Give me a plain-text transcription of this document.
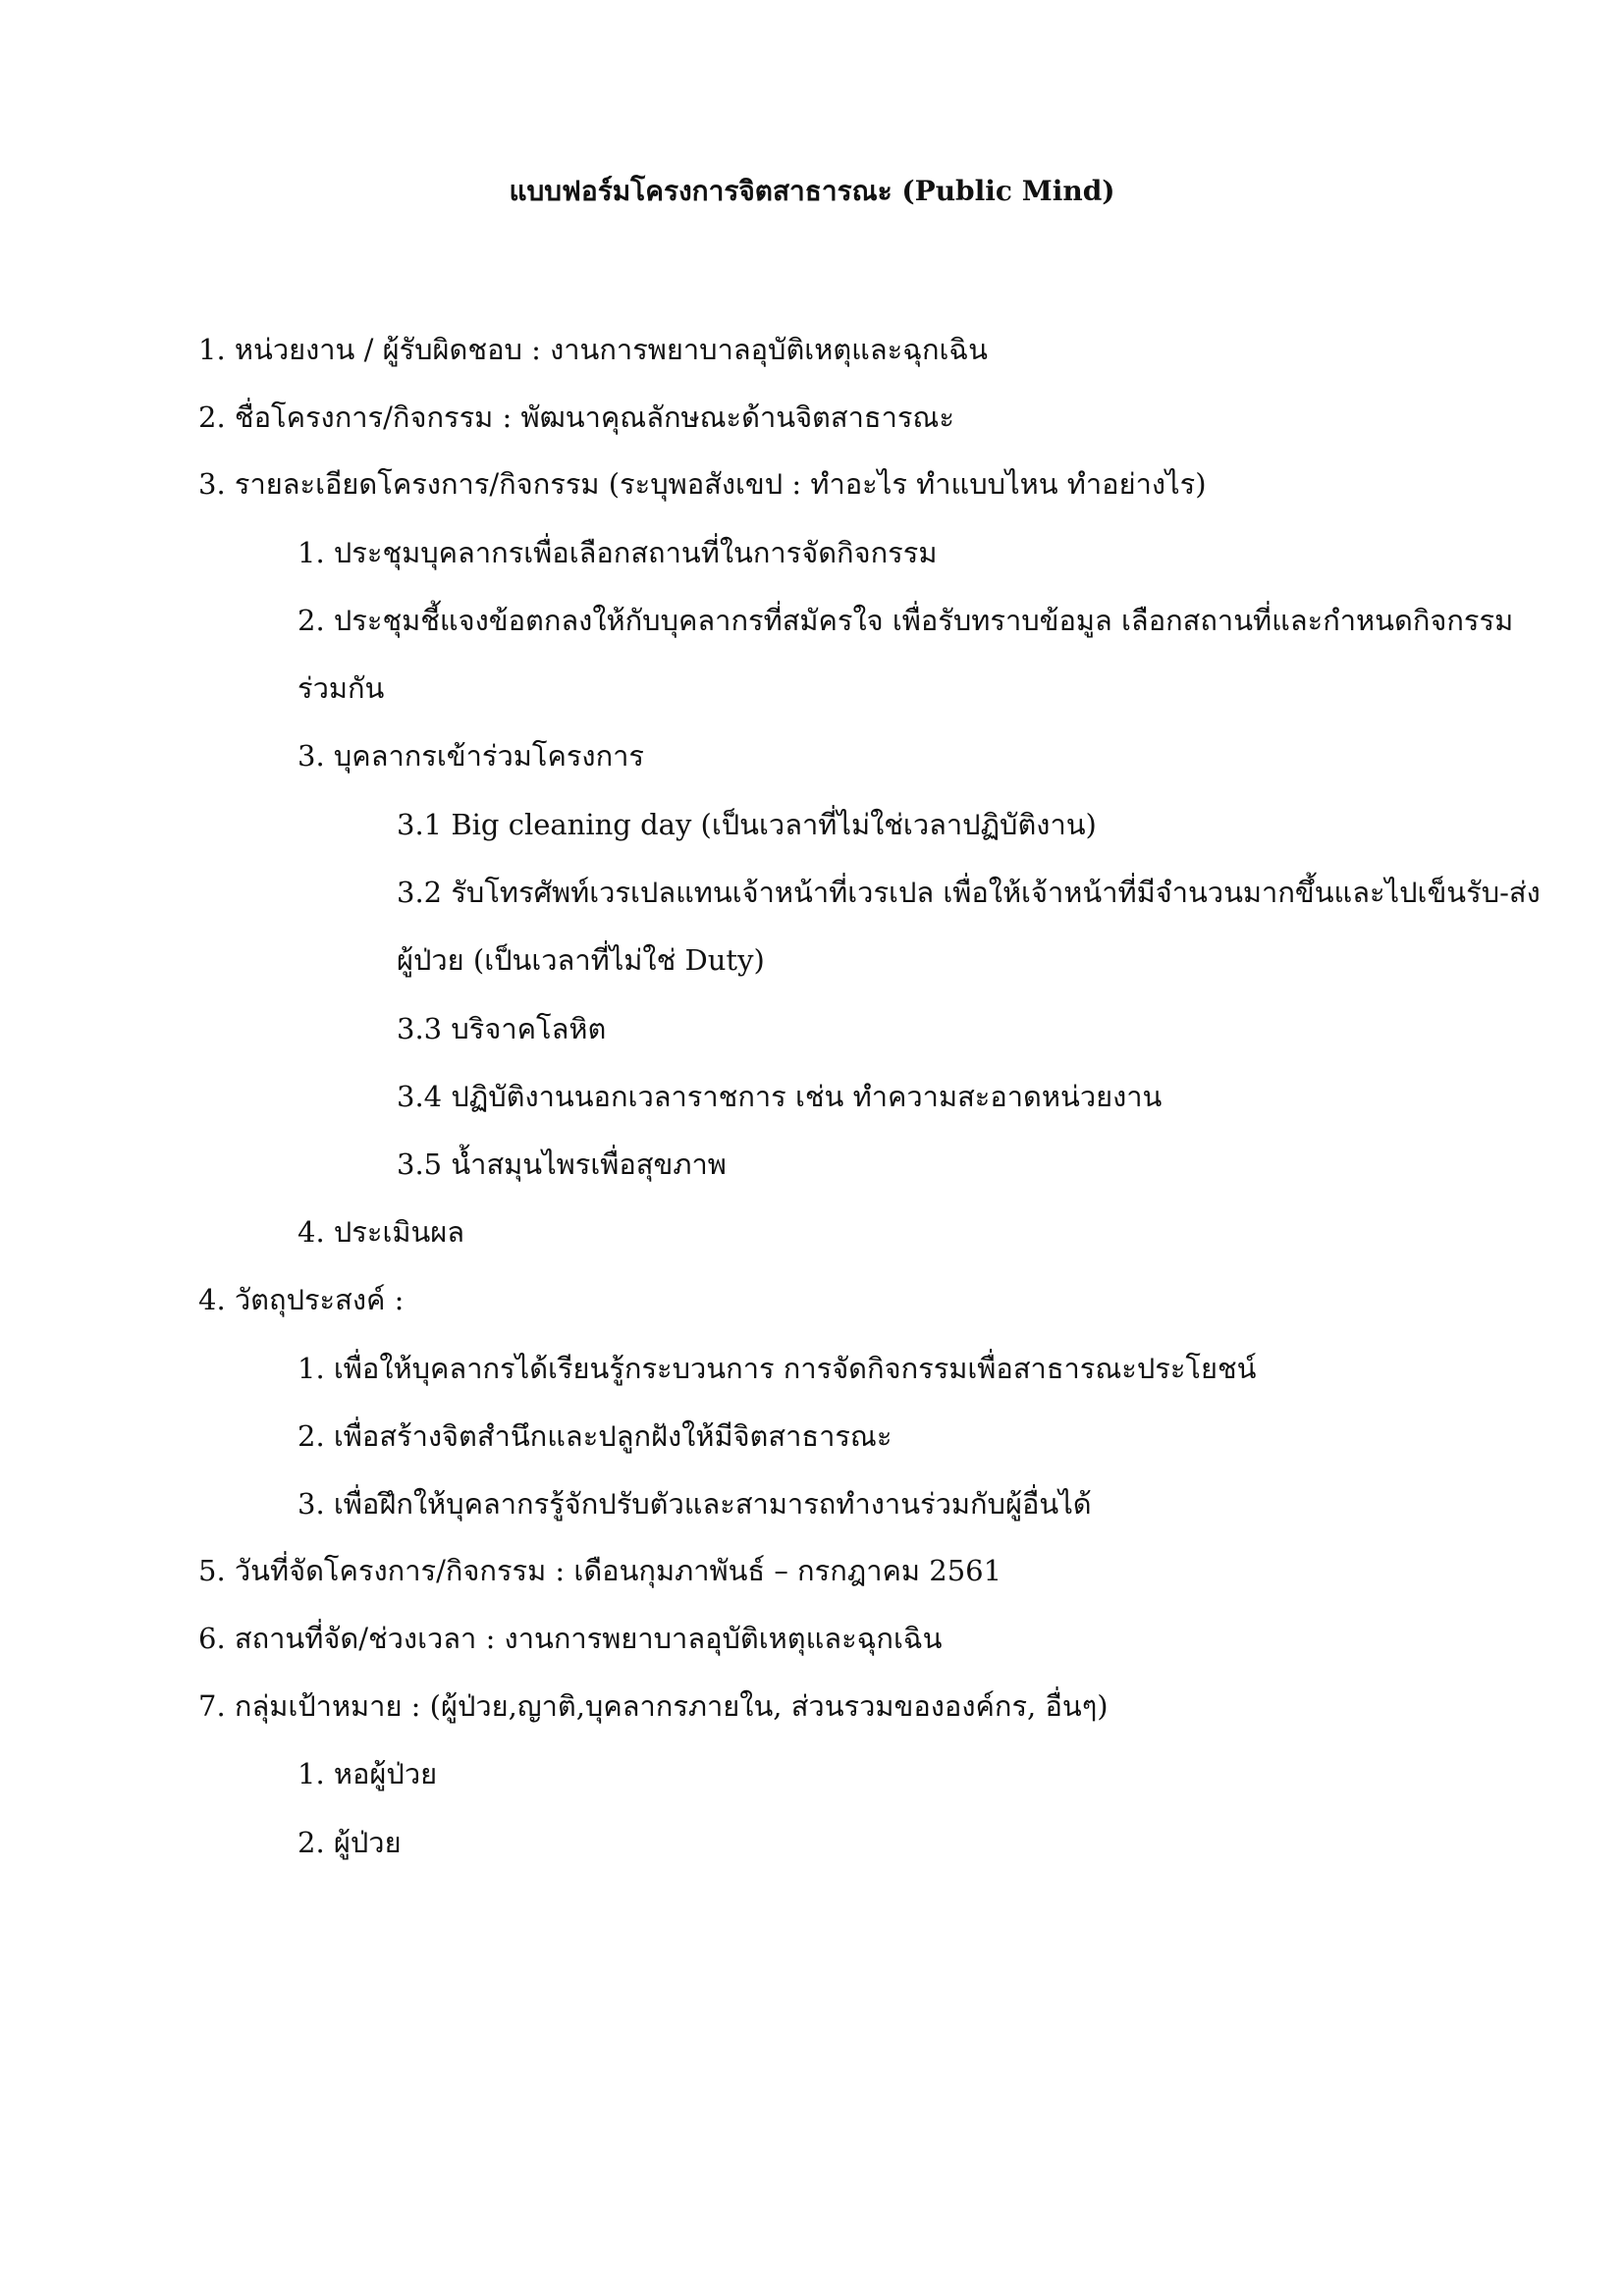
แบบฟอร์มโครงการจิตสาธารณะ (Public Mind)
1. หน่วยงาน / ผู้รับผิดชอบ : งานการพยาบาลอุบัติเหตุและฉุกเฉิน
2. ชื่อโครงการ/กิจกรรม : พัฒนาคุณลักษณะด้านจิตสาธารณะ
3. รายละเอียดโครงการ/กิจกรรม (ระบุพอสังเขป : ทำอะไร ทำแบบไหน ทำอย่างไร)
1. ประชุมบุคลากรเพื่อเลือกสถานที่ในการจัดกิจกรรม
2. ประชุมชี้แจงข้อตกลงให้กับบุคลากรที่สมัครใจ เพื่อรับทราบข้อมูล เลือกสถานที่และกำหนดกิจกรรม
ร่วมกัน
3. บุคลากรเข้าร่วมโครงการ
3.1 Big cleaning day (เป็นเวลาที่ไม่ใช่เวลาปฏิบัติงาน)
3.2 รับโทรศัพท์เวรเปลแทนเจ้าหน้าที่เวรเปล เพื่อให้เจ้าหน้าที่มีจำนวนมากขึ้นและไปเข็นรับ-ส่ง
ผู้ป่วย (เป็นเวลาที่ไม่ใช่ Duty)
3.3 บริจาคโลหิต
3.4 ปฏิบัติงานนอกเวลาราชการ เช่น ทำความสะอาดหน่วยงาน
3.5 น้ำสมุนไพรเพื่อสุขภาพ
4. ประเมินผล
4. วัตถุประสงค์ :
1. เพื่อให้บุคลากรได้เรียนรู้กระบวนการ การจัดกิจกรรมเพื่อสาธารณะประโยชน์
2. เพื่อสร้างจิตสำนึกและปลูกฝังให้มีจิตสาธารณะ
3. เพื่อฝึกให้บุคลากรรู้จักปรับตัวและสามารถทำงานร่วมกับผู้อื่นได้
5. วันที่จัดโครงการ/กิจกรรม : เดือนกุมภาพันธ์ – กรกฎาคม 2561
6. สถานที่จัด/ช่วงเวลา : งานการพยาบาลอุบัติเหตุและฉุกเฉิน
7. กลุ่มเป้าหมาย : (ผู้ป่วย,ญาติ,บุคลากรภายใน, ส่วนรวมขององค์กร, อื่นๆ)
1. หอผู้ป่วย
2. ผู้ป่วย
